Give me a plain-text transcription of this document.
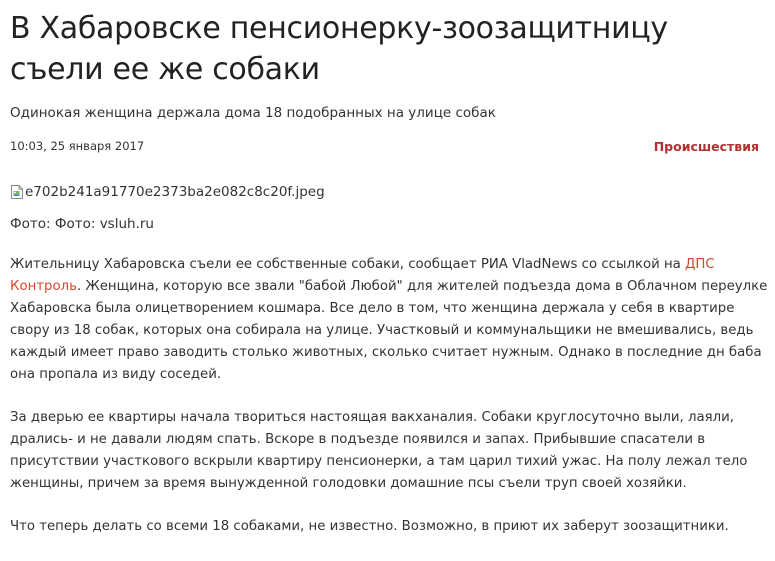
В Хабаровске пенсионерку-зоозащитницу съели ее же собаки

Одинокая женщина держала дома 18 подобранных на улице собак

10:03, 25 января 2017	Происшествия
e702b241a91770e2373ba2e082c8c20f.jpeg
Фото: Фото: vsluh.ru

Жительницу Хабаровска съели ее собственные собаки, сообщает РИА VladNews со ссылкой на ДПС Контроль. Женщина, которую все звали "бабой Любой" для жителей подъезда дома в Облачном переулке Хабаровска была олицетворением кошмара. Все дело в том, что женщина держала у себя в квартире свору из 18 собак, которых она собирала на улице. Участковый и коммунальщики не вмешивались, ведь каждый имеет право заводить столько животных, сколько считает нужным. Однако в последние дн баба она пропала из виду соседей.

За дверью ее квартиры начала твориться настоящая вакханалия. Собаки круглосуточно выли, лаяли, дрались- и не давали людям спать. Вскоре в подъезде появился и запах. Прибывшие спасатели в присутствии участкового вскрыли квартиру пенсионерки, а там царил тихий ужас. На полу лежал тело женщины, причем за время вынужденной голодовки домашние псы съели труп своей хозяйки.

Что теперь делать со всеми 18 собаками, не известно. Возможно, в приют их заберут зоозащитники.
